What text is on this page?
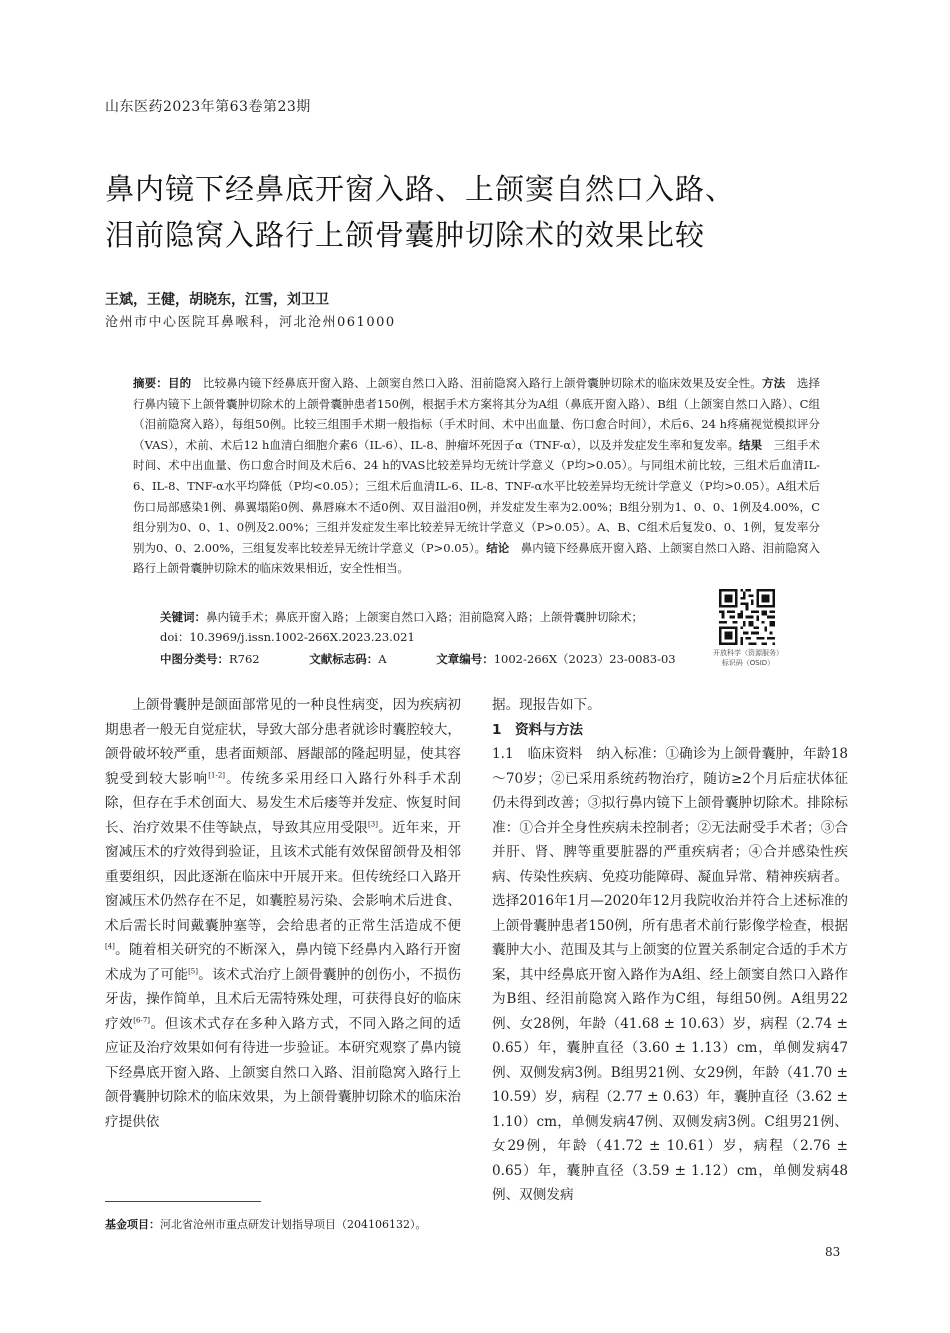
山东医药2023年第63卷第23期
鼻内镜下经鼻底开窗入路、上颌窦自然口入路、
泪前隐窝入路行上颌骨囊肿切除术的效果比较
王斌，王健，胡晓东，江雪，刘卫卫
沧州市中心医院耳鼻喉科，河北沧州061000
摘要：目的　 比较鼻内镜下经鼻底开窗入路、上颌窦自然口入路、泪前隐窝入路行上颌骨囊肿切除术的临床效果及安全性。方法　 选择行鼻内镜下上颌骨囊肿切除术的上颌骨囊肿患者150例，根据手术方案将其分为A组（鼻底开窗入路）、B组（上颌窦自然口入路）、C组（泪前隐窝入路），每组50例。比较三组围手术期一般指标（手术时间、术中出血量、伤口愈合时间），术后6、24 h疼痛视觉模拟评分（VAS），术前、术后12 h血清白细胞介素6（IL-6）、IL-8、肿瘤坏死因子α（TNF-α），以及并发症发生率和复发率。结果　 三组手术时间、术中出血量、伤口愈合时间及术后6、24 h的VAS比较差异均无统计学意义（P均>0.05）。与同组术前比较，三组术后血清IL-6、IL-8、TNF-α水平均降低（P均<0.05）；三组术后血清IL-6、IL-8、TNF-α水平比较差异均无统计学意义（P均>0.05）。A组术后伤口局部感染1例、鼻翼塌陷0例、鼻唇麻木不适0例、双目溢泪0例，并发症发生率为2.00%；B组分别为1、0、0、1例及4.00%，C组分别为0、0、1、0例及2.00%；三组并发症发生率比较差异无统计学意义（P>0.05）。A、B、C组术后复发0、0、1例，复发率分别为0、0、2.00%，三组复发率比较差异无统计学意义（P>0.05）。结论　 鼻内镜下经鼻底开窗入路、上颌窦自然口入路、泪前隐窝入路行上颌骨囊肿切除术的临床效果相近，安全性相当。
关键词：鼻内镜手术；鼻底开窗入路；上颌窦自然口入路；泪前隐窝入路；上颌骨囊肿切除术；
doi：10.3969/j.issn.1002-266X.2023.23.021
中图分类号：R762	文献标志码：A	文章编号：1002-266X（2023）23-0083-03	开放科学（资源服务）
标识码（OSID）

上颌骨囊肿是颌面部常见的一种良性病变，因为疾病初期患者一般无自觉症状，导致大部分患者就诊时囊腔较大，颌骨破坏较严重，患者面颊部、唇龈部的隆起明显，使其容貌受到较大影响[1-2]。传统多采用经口入路行外科手术刮除，但存在手术创面大、易发生术后瘘等并发症、恢复时间长、治疗效果不佳等缺点，导致其应用受限[3]。近年来，开窗减压术的疗效得到验证，且该术式能有效保留颌骨及相邻重要组织，因此逐渐在临床中开展开来。但传统经口入路开窗减压术仍然存在不足，如囊腔易污染、会影响术后进食、术后需长时间戴囊肿塞等，会给患者的正常生活造成不便[4]。随着相关研究的不断深入，鼻内镜下经鼻内入路行开窗术成为了可能[5]。该术式治疗上颌骨囊肿的创伤小，不损伤牙齿，操作简单，且术后无需特殊处理，可获得良好的临床疗效[6-7]。但该术式存在多种入路方式，不同入路之间的适应证及治疗效果如何有待进一步验证。本研究观察了鼻内镜下经鼻底开窗入路、上颌窦自然口入路、泪前隐窝入路行上颌骨囊肿切除术的临床效果，为上颌骨囊肿切除术的临床治疗提供依

据。现报告如下。

1　资料与方法

1.1　临床资料　纳入标准：①确诊为上颌骨囊肿，年龄18～70岁；②已采用系统药物治疗，随访≥2个月后症状体征仍未得到改善；③拟行鼻内镜下上颌骨囊肿切除术。排除标准：①合并全身性疾病未控制者；②无法耐受手术者；③合并肝、肾、脾等重要脏器的严重疾病者；④合并感染性疾病、传染性疾病、免疫功能障碍、凝血异常、精神疾病者。选择2016年1月—2020年12月我院收治并符合上述标准的上颌骨囊肿患者150例，所有患者术前行影像学检查，根据囊肿大小、范围及其与上颌窦的位置关系制定合适的手术方案，其中经鼻底开窗入路作为A组、经上颌窦自然口入路作为B组、经泪前隐窝入路作为C组，每组50例。A组男22例、女28例，年龄（41.68 ± 10.63）岁，病程（2.74 ± 0.65）年，囊肿直径（3.60 ± 1.13）cm，单侧发病47例、双侧发病3例。B组男21例、女29例，年龄（41.70 ± 10.59）岁，病程（2.77 ± 0.63）年，囊肿直径（3.62 ± 1.10）cm，单侧发病47例、双侧发病3例。C组男21例、女29例，年龄（41.72 ± 10.61）岁，病程（2.76 ± 0.65）年，囊肿直径（3.59 ± 1.12）cm，单侧发病48例、双侧发病

基金项目：河北省沧州市重点研发计划指导项目（204106132）。
83
